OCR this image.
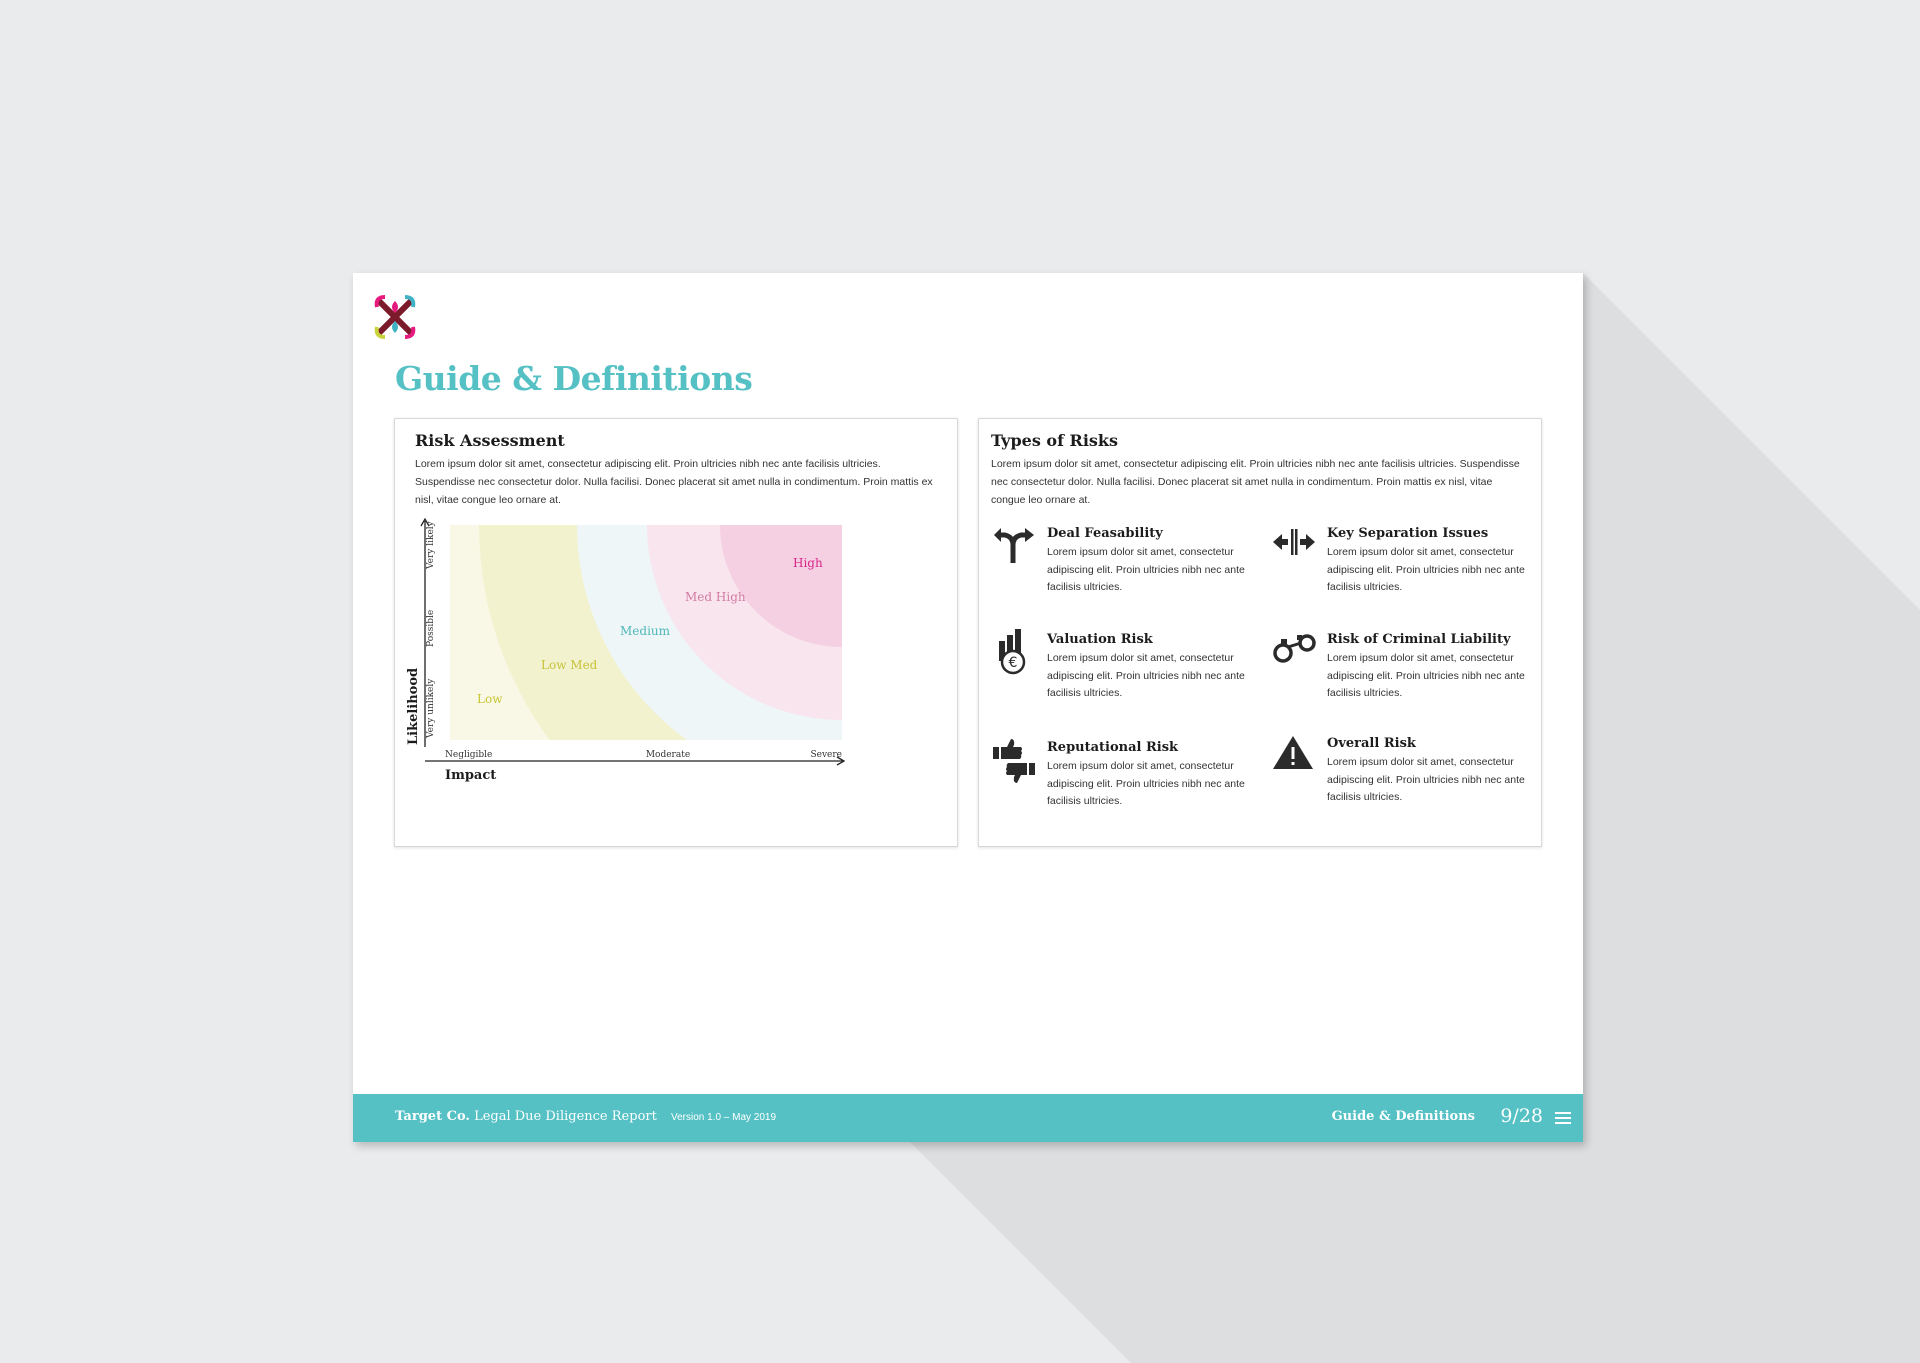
Guide & Definitions
Risk Assessment
Lorem ipsum dolor sit amet, consectetur adipiscing elit. Proin ultricies nibh nec ante facilisis ultricies. Suspendisse nec consectetur dolor. Nulla facilisi. Donec placerat sit amet nulla in condimentum. Proin mattis ex nisl, vitae congue leo ornare at.
Low
Low Med
Medium
Med High
High
Very unlikely
Possible
Very likely
Likelihood
Negligible	Moderate	Severe
Impact
Types of Risks
Lorem ipsum dolor sit amet, consectetur adipiscing elit. Proin ultricies nibh nec ante facilisis ultricies. Suspendisse nec consectetur dolor. Nulla facilisi. Donec placerat sit amet nulla in condimentum. Proin mattis ex nisl, vitae congue leo ornare at.
Deal Feasability
Lorem ipsum dolor sit amet, consectetur adipiscing elit. Proin ultricies nibh nec ante facilisis ultricies.
Key Separation Issues
Lorem ipsum dolor sit amet, consectetur adipiscing elit. Proin ultricies nibh nec ante facilisis ultricies.
€
Valuation Risk
Lorem ipsum dolor sit amet, consectetur adipiscing elit. Proin ultricies nibh nec ante facilisis ultricies.
Risk of Criminal Liability
Lorem ipsum dolor sit amet, consectetur adipiscing elit. Proin ultricies nibh nec ante facilisis ultricies.
Reputational Risk
Lorem ipsum dolor sit amet, consectetur adipiscing elit. Proin ultricies nibh nec ante facilisis ultricies.
Overall Risk
Lorem ipsum dolor sit amet, consectetur adipiscing elit. Proin ultricies nibh nec ante facilisis ultricies.
Target Co. Legal Due Diligence Report Version 1.0 – May 2019	Guide & Definitions 9/28
